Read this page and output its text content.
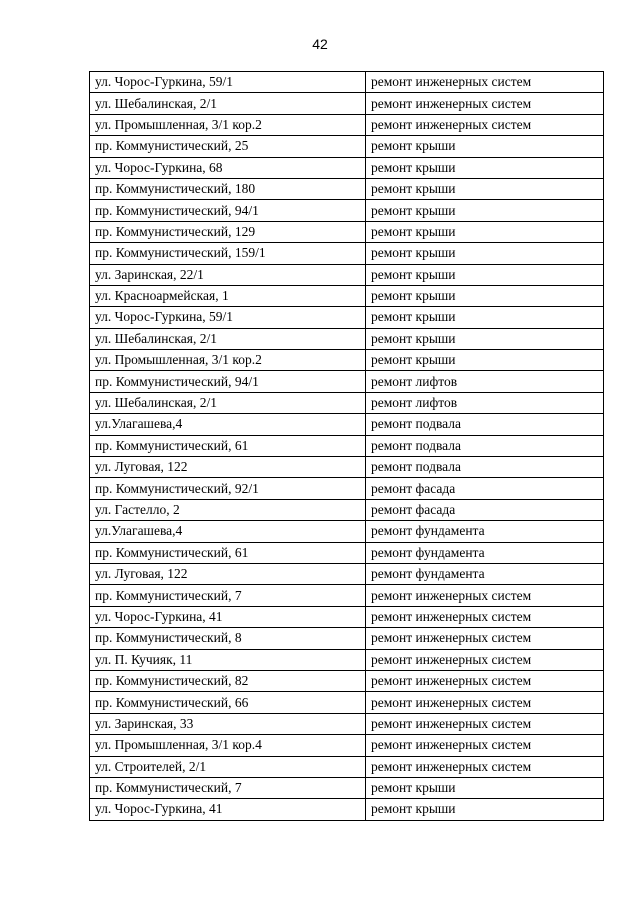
42
ул. Чорос-Гуркина, 59/1	ремонт инженерных систем
ул. Шебалинская, 2/1	ремонт инженерных систем
ул. Промышленная, 3/1 кор.2	ремонт инженерных систем
пр. Коммунистический, 25	ремонт крыши
ул. Чорос-Гуркина, 68	ремонт крыши
пр. Коммунистический, 180	ремонт крыши
пр. Коммунистический, 94/1	ремонт крыши
пр. Коммунистический, 129	ремонт крыши
пр. Коммунистический, 159/1	ремонт крыши
ул. Заринская, 22/1	ремонт крыши
ул. Красноармейская, 1	ремонт крыши
ул. Чорос-Гуркина, 59/1	ремонт крыши
ул. Шебалинская, 2/1	ремонт крыши
ул. Промышленная, 3/1 кор.2	ремонт крыши
пр. Коммунистический, 94/1	ремонт лифтов
ул. Шебалинская, 2/1	ремонт лифтов
ул.Улагашева,4	ремонт подвала
пр. Коммунистический, 61	ремонт подвала
ул. Луговая, 122	ремонт подвала
пр. Коммунистический, 92/1	ремонт фасада
ул. Гастелло, 2	ремонт фасада
ул.Улагашева,4	ремонт фундамента
пр. Коммунистический, 61	ремонт фундамента
ул. Луговая, 122	ремонт фундамента
пр. Коммунистический, 7	ремонт инженерных систем
ул. Чорос-Гуркина, 41	ремонт инженерных систем
пр. Коммунистический, 8	ремонт инженерных систем
ул. П. Кучияк, 11	ремонт инженерных систем
пр. Коммунистический, 82	ремонт инженерных систем
пр. Коммунистический, 66	ремонт инженерных систем
ул. Заринская, 33	ремонт инженерных систем
ул. Промышленная, 3/1 кор.4	ремонт инженерных систем
ул. Строителей, 2/1	ремонт инженерных систем
пр. Коммунистический, 7	ремонт крыши
ул. Чорос-Гуркина, 41	ремонт крыши
